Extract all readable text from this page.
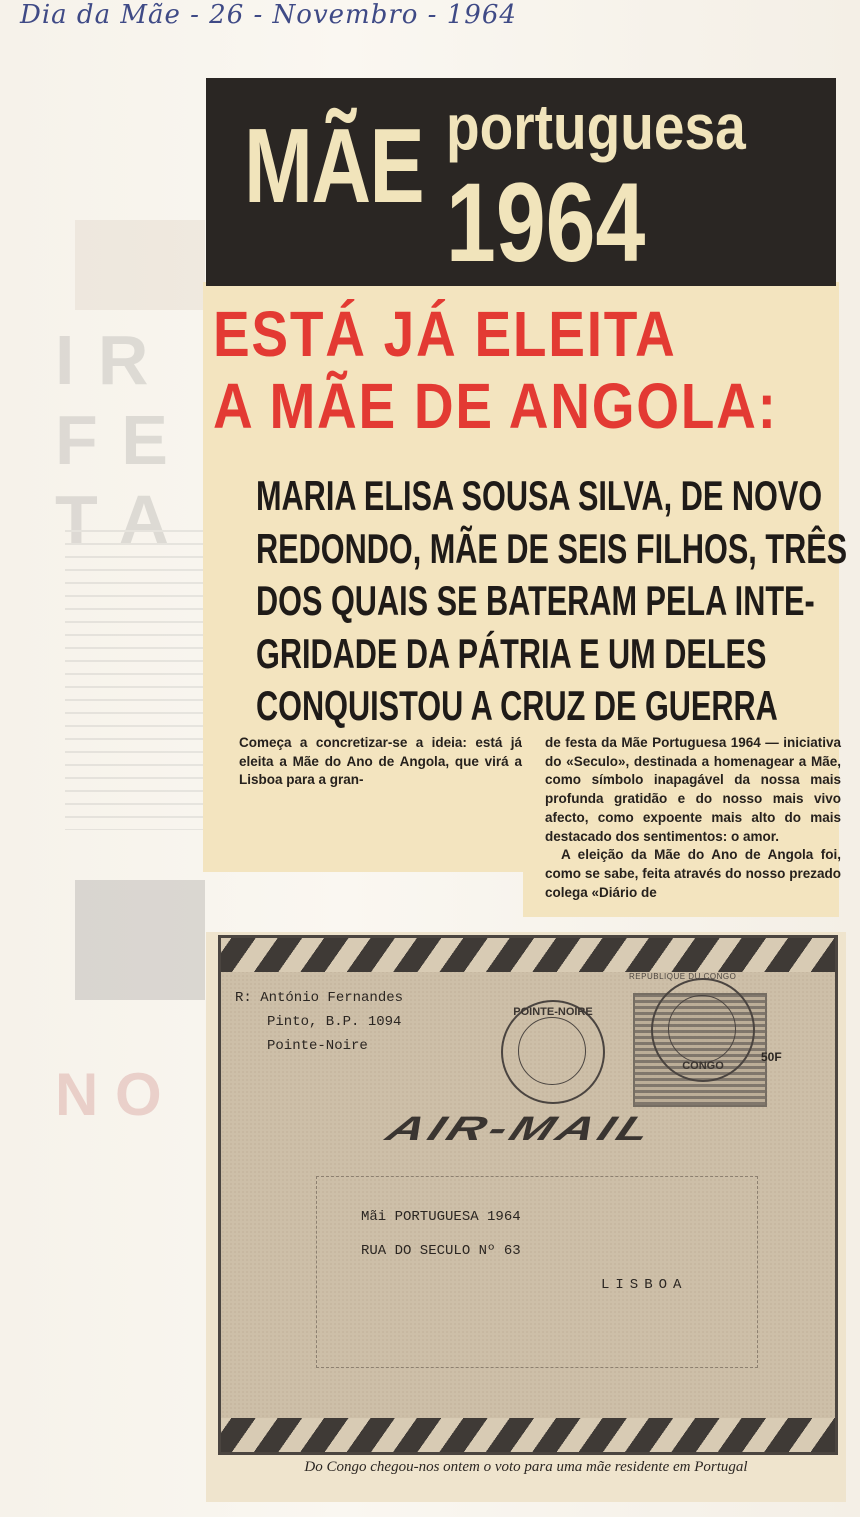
I R
F E
T A
N O
Dia da Mãe - 26 - Novembro - 1964
MÃE portuguesa
1964
ESTÁ JÁ ELEITA
A MÃE DE ANGOLA:
MARIA ELISA SOUSA SILVA, DE NOVO
REDONDO, MÃE DE SEIS FILHOS, TRÊS
DOS QUAIS SE BATERAM PELA INTE-
GRIDADE DA PÁTRIA E UM DELES
CONQUISTOU A CRUZ DE GUERRA

Começa a concretizar-se a ideia: está já eleita a Mãe do Ano de Angola, que virá a Lisboa para a gran-

de festa da Mãe Portuguesa 1964 — iniciativa do «Seculo», destinada a homenagear a Mãe, como símbolo inapagável da nossa mais profunda gratidão e do nosso mais vivo afecto, como expoente mais alto do mais destacado dos sentimentos: o amor.

A eleição da Mãe do Ano de Angola foi, como se sabe, feita através do nosso prezado colega «Diário de

R: António Fernandes
Pinto, B.P. 1094
Pointe-Noire
POINTE-NOIRE
REPUBLIQUE DU CONGO
50F
CONGO
AIR-MAIL
Mãi PORTUGUESA 1964
RUA DO SECULO Nº 63
LISBOA
Do Congo chegou-nos ontem o voto para uma mãe residente em Portugal
